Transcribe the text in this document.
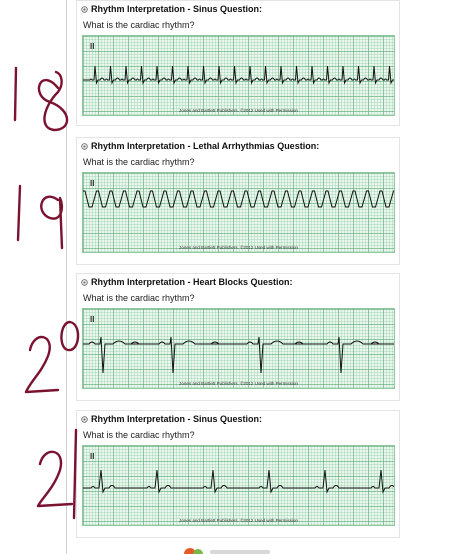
Rhythm Interpretation - Sinus Question:
What is the cardiac rhythm?
II
Jones and Bartlett Publishers. ©2012 Used with Permission
Rhythm Interpretation - Lethal Arrhythmias Question:
What is the cardiac rhythm?
II
Jones and Bartlett Publishers. ©2012 Used with Permission
Rhythm Interpretation - Heart Blocks Question:
What is the cardiac rhythm?
II
Jones and Bartlett Publishers. ©2012 Used with Permission
Rhythm Interpretation - Sinus Question:
What is the cardiac rhythm?
II
Jones and Bartlett Publishers. ©2012 Used with Permission
